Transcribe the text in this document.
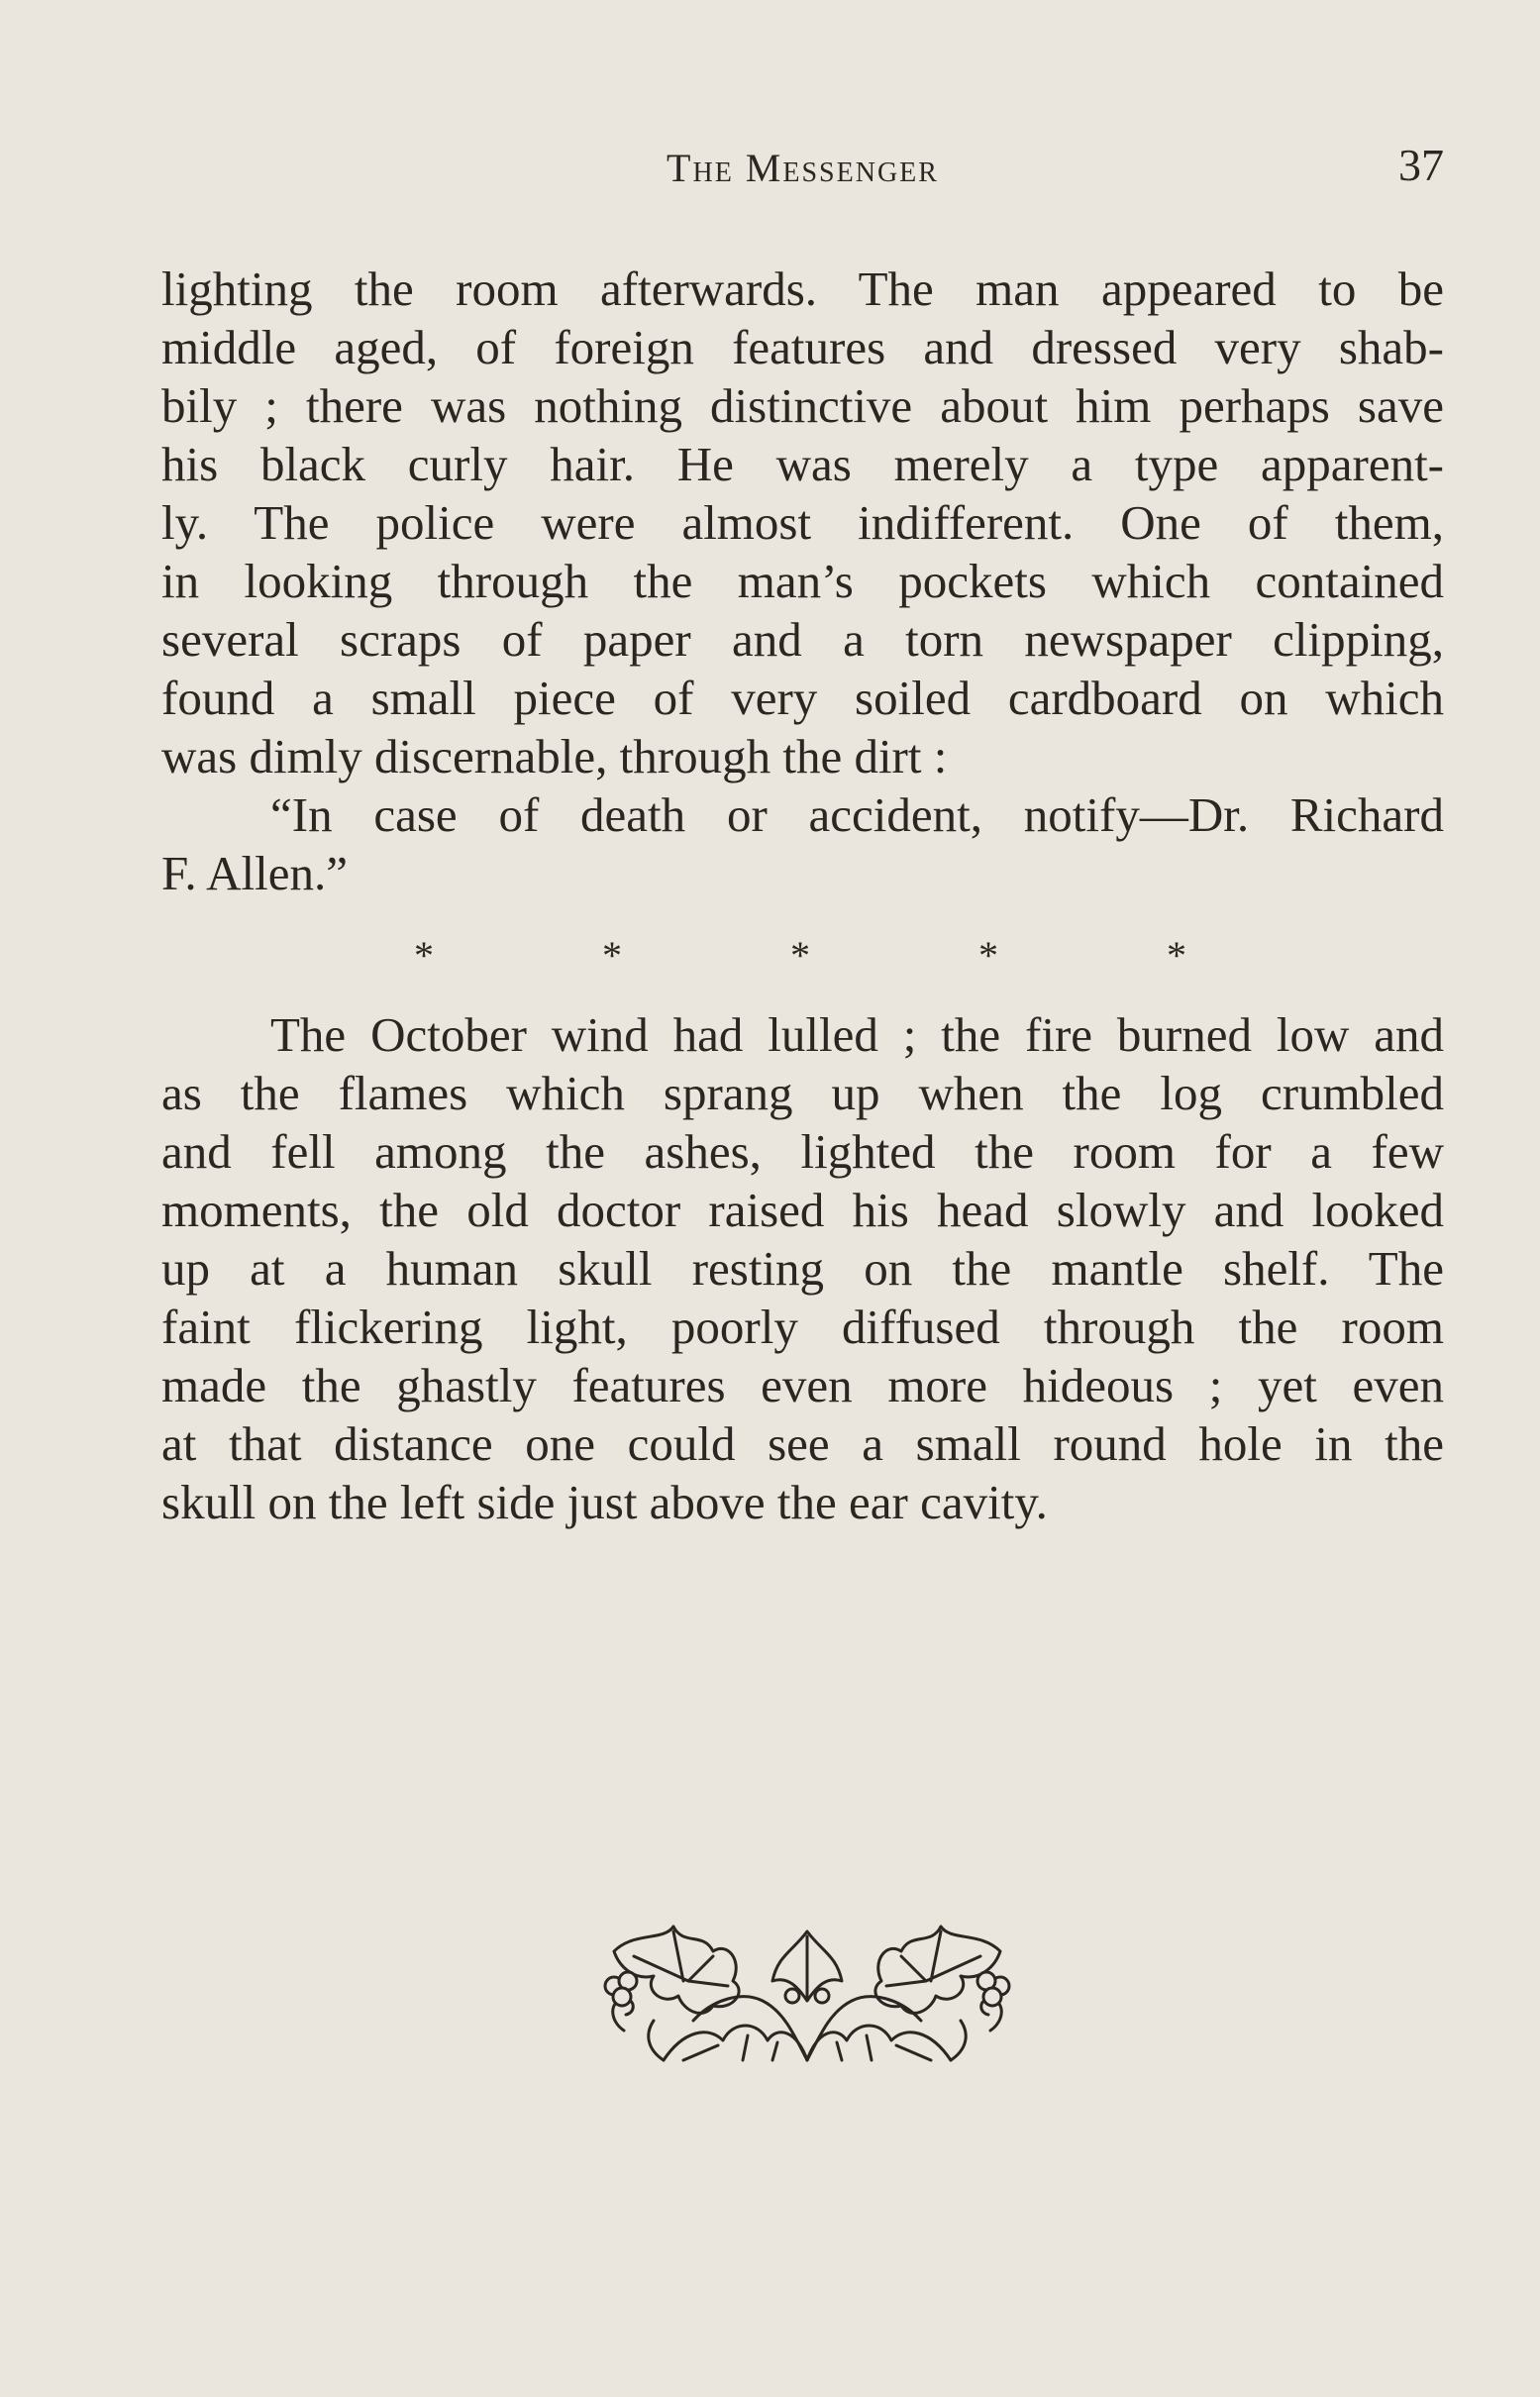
The Messenger	37
lighting the room afterwards. The man appeared to be
middle aged, of foreign features and dressed very shab-
bily ; there was nothing distinctive about him perhaps save
his black curly hair. He was merely a type apparent-
ly. The police were almost indifferent. One of them,
in looking through the man’s pockets which contained
several scraps of paper and a torn newspaper clipping,
found a small piece of very soiled cardboard on which
was dimly discernable, through the dirt :
“In case of death or accident, notify—Dr. Richard
F. Allen.”
*	*	*	*	*
The October wind had lulled ; the fire burned low and
as the flames which sprang up when the log crumbled
and fell among the ashes, lighted the room for a few
moments, the old doctor raised his head slowly and looked
up at a human skull resting on the mantle shelf. The
faint flickering light, poorly diffused through the room
made the ghastly features even more hideous ; yet even
at that distance one could see a small round hole in the
skull on the left side just above the ear cavity.
